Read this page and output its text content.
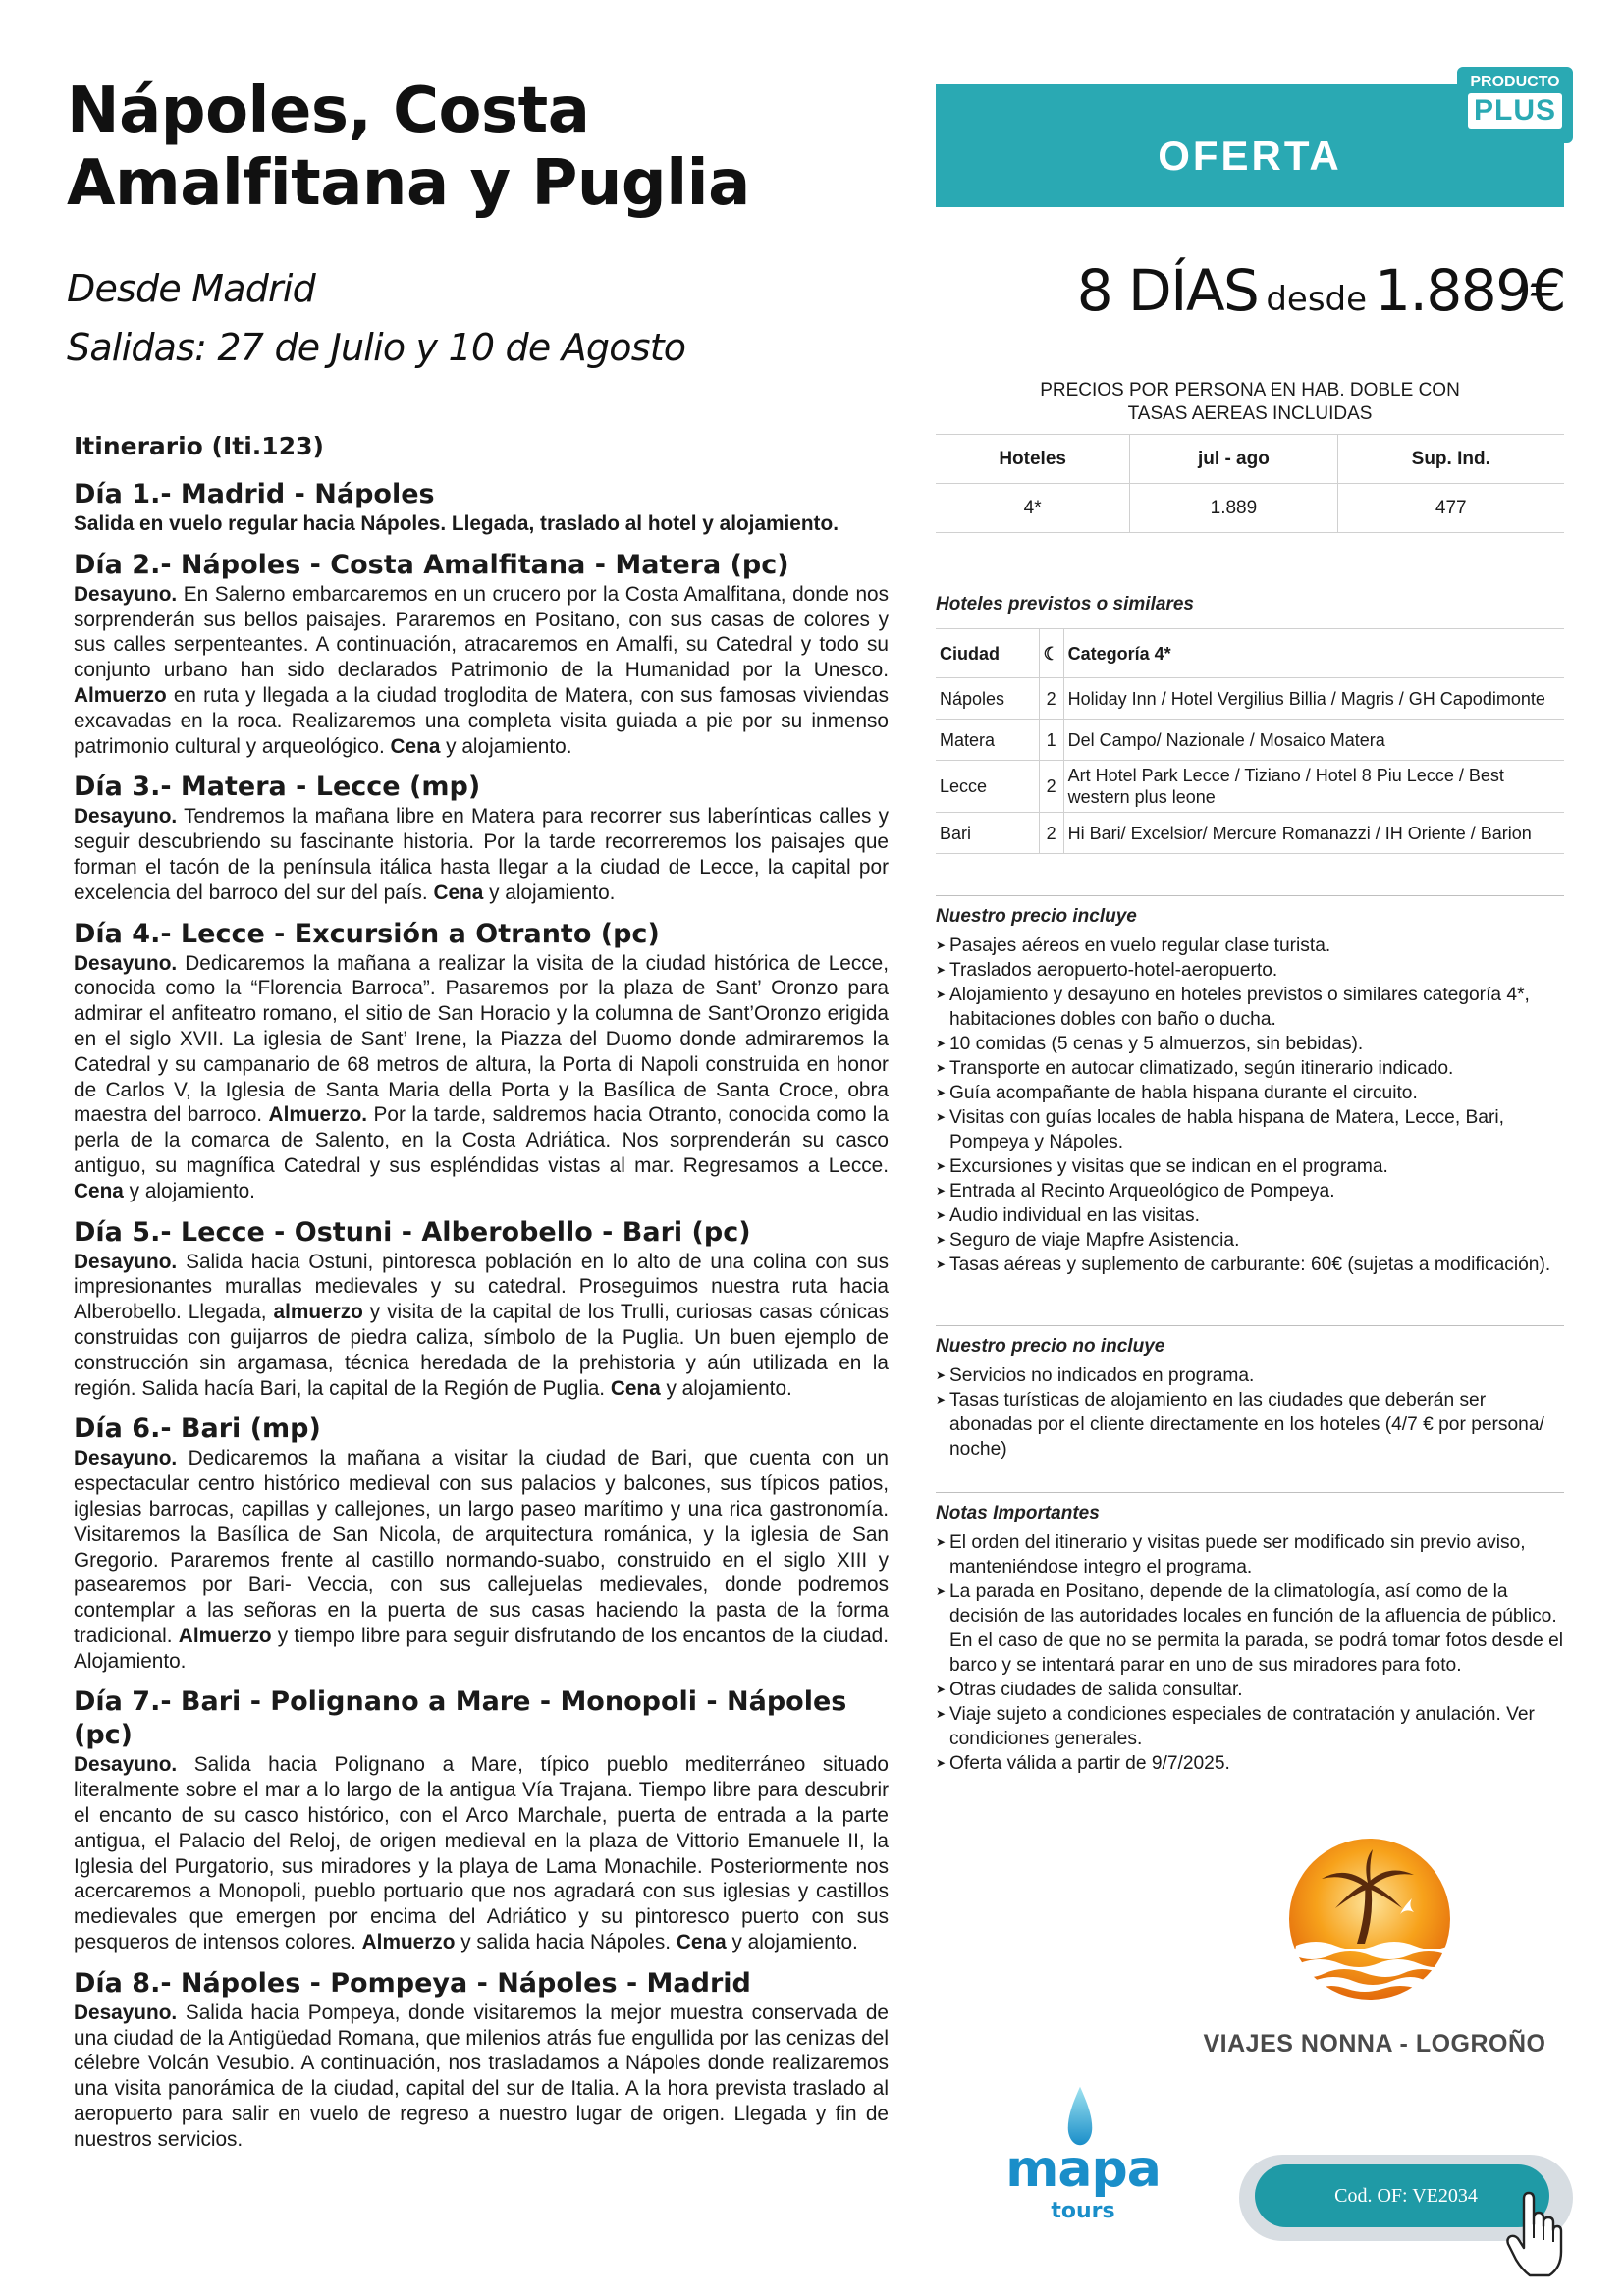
Nápoles, Costa
Amalfitana y Puglia
Desde Madrid
Salidas: 27 de Julio y 10 de Agosto
Itinerario (Iti.123)
Día 1.- Madrid - Nápoles
Salida en vuelo regular hacia Nápoles. Llegada, traslado al hotel y alojamiento.
Día 2.- Nápoles - Costa Amalfitana - Matera (pc)
Desayuno. En Salerno embarcaremos en un crucero por la Costa Amalfitana, donde nos sorprenderán sus bellos paisajes. Pararemos en Positano, con sus casas de colores y sus calles serpenteantes. A continuación, atracaremos en Amalfi, su Catedral y todo su conjunto urbano han sido declarados Patrimonio de la Humanidad por la Unesco. Almuerzo en ruta y llegada a la ciudad troglodita de Matera, con sus famosas viviendas excavadas en la roca. Realizaremos una completa visita guiada a pie por su inmenso patrimonio cultural y arqueológico. Cena y alojamiento.
Día 3.- Matera - Lecce (mp)
Desayuno. Tendremos la mañana libre en Matera para recorrer sus laberínticas calles y seguir descubriendo su fascinante historia. Por la tarde recorreremos los paisajes que forman el tacón de la península itálica hasta llegar a la ciudad de Lecce, la capital por excelencia del barroco del sur del país. Cena y alojamiento.
Día 4.- Lecce - Excursión a Otranto (pc)
Desayuno. Dedicaremos la mañana a realizar la visita de la ciudad histórica de Lecce, conocida como la “Florencia Barroca”. Pasaremos por la plaza de Sant’ Oronzo para admirar el anfiteatro romano, el sitio de San Horacio y la columna de Sant’Oronzo erigida en el siglo XVII. La iglesia de Sant’ Irene, la Piazza del Duomo donde admiraremos la Catedral y su campanario de 68 metros de altura, la Porta di Napoli construida en honor de Carlos V, la Iglesia de Santa Maria della Porta y la Basílica de Santa Croce, obra maestra del barroco. Almuerzo. Por la tarde, saldremos hacia Otranto, conocida como la perla de la comarca de Salento, en la Costa Adriática. Nos sorprenderán su casco antiguo, su magnífica Catedral y sus espléndidas vistas al mar. Regresamos a Lecce. Cena y alojamiento.
Día 5.- Lecce - Ostuni - Alberobello - Bari (pc)
Desayuno. Salida hacia Ostuni, pintoresca población en lo alto de una colina con sus impresionantes murallas medievales y su catedral. Proseguimos nuestra ruta hacia Alberobello. Llegada, almuerzo y visita de la capital de los Trulli, curiosas casas cónicas construidas con guijarros de piedra caliza, símbolo de la Puglia. Un buen ejemplo de construcción sin argamasa, técnica heredada de la prehistoria y aún utilizada en la región. Salida hacía Bari, la capital de la Región de Puglia. Cena y alojamiento.
Día 6.- Bari (mp)
Desayuno. Dedicaremos la mañana a visitar la ciudad de Bari, que cuenta con un espectacular centro histórico medieval con sus palacios y balcones, sus típicos patios, iglesias barrocas, capillas y callejones, un largo paseo marítimo y una rica gastronomía. Visitaremos la Basílica de San Nicola, de arquitectura románica, y la iglesia de San Gregorio. Pararemos frente al castillo normando-suabo, construido en el siglo XIII y pasearemos por Bari- Veccia, con sus callejuelas medievales, donde podremos contemplar a las señoras en la puerta de sus casas haciendo la pasta de la forma tradicional. Almuerzo y tiempo libre para seguir disfrutando de los encantos de la ciudad. Alojamiento.
Día 7.- Bari - Polignano a Mare - Monopoli - Nápoles (pc)
Desayuno. Salida hacia Polignano a Mare, típico pueblo mediterráneo situado literalmente sobre el mar a lo largo de la antigua Vía Trajana. Tiempo libre para descubrir el encanto de su casco histórico, con el Arco Marchale, puerta de entrada a la parte antigua, el Palacio del Reloj, de origen medieval en la plaza de Vittorio Emanuele II, la Iglesia del Purgatorio, sus miradores y la playa de Lama Monachile. Posteriormente nos acercaremos a Monopoli, pueblo portuario que nos agradará con sus iglesias y castillos medievales que emergen por encima del Adriático y su pintoresco puerto con sus pesqueros de intensos colores. Almuerzo y salida hacia Nápoles. Cena y alojamiento.
Día 8.- Nápoles - Pompeya - Nápoles - Madrid
Desayuno. Salida hacia Pompeya, donde visitaremos la mejor muestra conservada de una ciudad de la Antigüedad Romana, que milenios atrás fue engullida por las cenizas del célebre Volcán Vesubio. A continuación, nos trasladamos a Nápoles donde realizaremos una visita panorámica de la ciudad, capital del sur de Italia. A la hora prevista traslado al aeropuerto para salir en vuelo de regreso a nuestro lugar de origen. Llegada y fin de nuestros servicios.
OFERTA
PRODUCTO
PLUS
8 DÍAS desde 1.889€
PRECIOS POR PERSONA EN HAB. DOBLE CON
TASAS AEREAS INCLUIDAS
Hoteles	jul - ago	Sup. Ind.
4*	1.889	477
Hoteles previstos o similares
Ciudad	☾	Categoría 4*
Nápoles	2	Holiday Inn / Hotel Vergilius Billia / Magris / GH Capodimonte
Matera	1	Del Campo/ Nazionale / Mosaico Matera
Lecce	2	Art Hotel Park Lecce / Tiziano / Hotel 8 Piu Lecce / Best western plus leone
Bari	2	Hi Bari/ Excelsior/ Mercure Romanazzi / IH Oriente / Barion
Nuestro precio incluye
➤ Pasajes aéreos en vuelo regular clase turista.
➤ Traslados aeropuerto-hotel-aeropuerto.
➤ Alojamiento y desayuno en hoteles previstos o similares categoría 4*, habitaciones dobles con baño o ducha.
➤ 10 comidas (5 cenas y 5 almuerzos, sin bebidas).
➤ Transporte en autocar climatizado, según itinerario indicado.
➤ Guía acompañante de habla hispana durante el circuito.
➤ Visitas con guías locales de habla hispana de Matera, Lecce, Bari, Pompeya y Nápoles.
➤ Excursiones y visitas que se indican en el programa.
➤ Entrada al Recinto Arqueológico de Pompeya.
➤ Audio individual en las visitas.
➤ Seguro de viaje Mapfre Asistencia.
➤ Tasas aéreas y suplemento de carburante: 60€ (sujetas a modificación).
Nuestro precio no incluye
➤ Servicios no indicados en programa.
➤ Tasas turísticas de alojamiento en las ciudades que deberán ser abonadas por el cliente directamente en los hoteles (4/7 € por persona/ noche)
Notas Importantes
➤ El orden del itinerario y visitas puede ser modificado sin previo aviso, manteniéndose integro el programa.
➤ La parada en Positano, depende de la climatología, así como de la decisión de las autoridades locales en función de la afluencia de público. En el caso de que no se permita la parada, se podrá tomar fotos desde el barco y se intentará parar en uno de sus miradores para foto.
➤ Otras ciudades de salida consultar.
➤ Viaje sujeto a condiciones especiales de contratación y anulación. Ver condiciones generales.
➤ Oferta válida a partir de 9/7/2025.
VIAJES NONNA - LOGROÑO
mapa
tours
Cod. OF: VE2034
